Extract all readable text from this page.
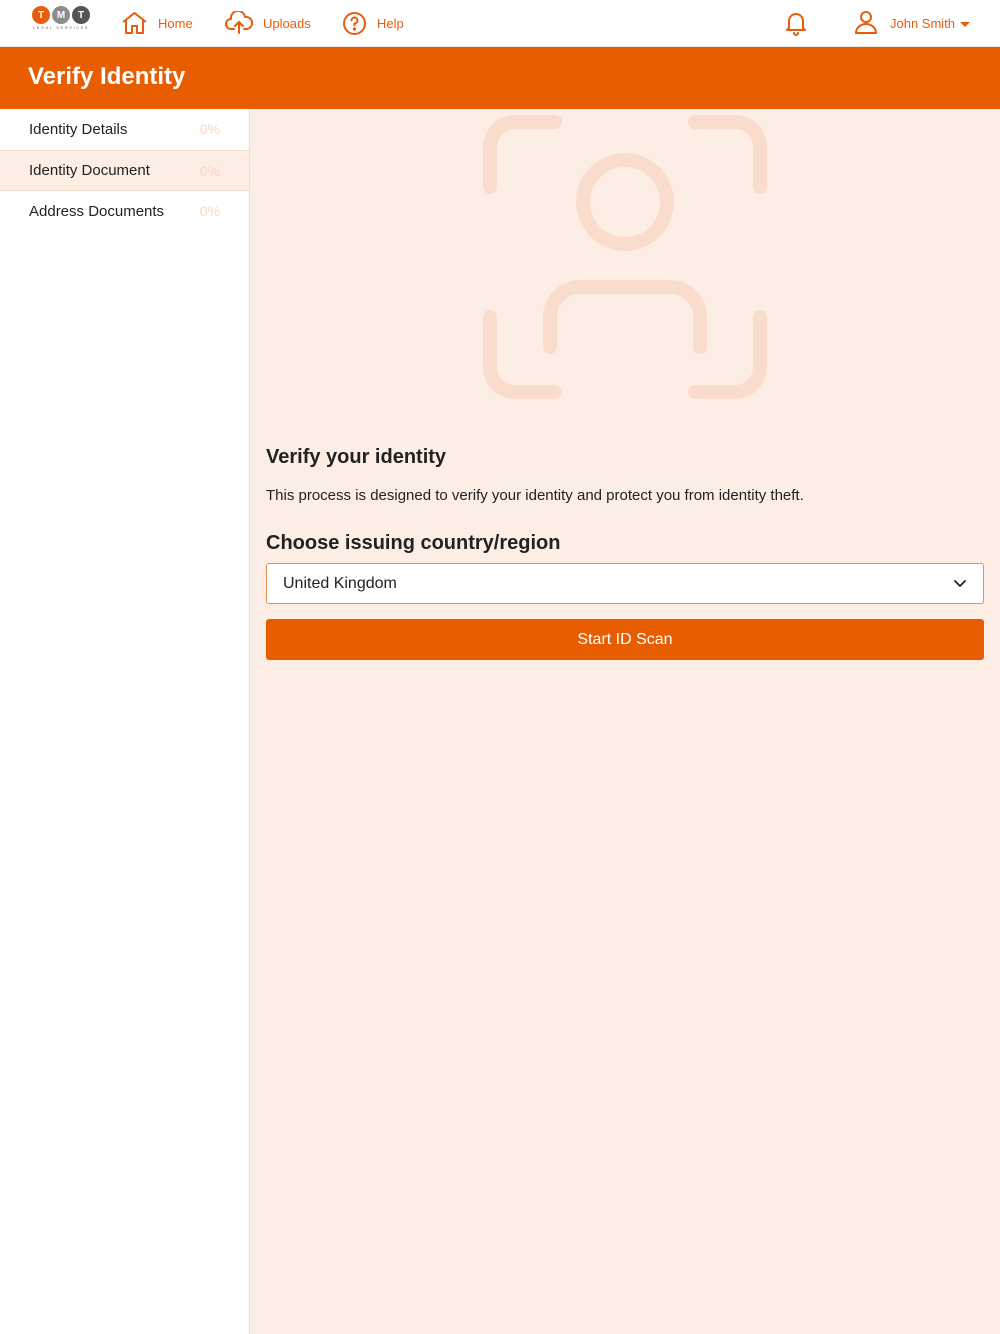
T	M	T
LEGAL SERVICES	Home	Uploads	Help	John Smith
Verify Identity
Identity Details	0%
Identity Document	0%
Address Documents	0%
Verify your identity
This process is designed to verify your identity and protect you from identity theft.
Choose issuing country/region
United Kingdom
Start ID Scan
